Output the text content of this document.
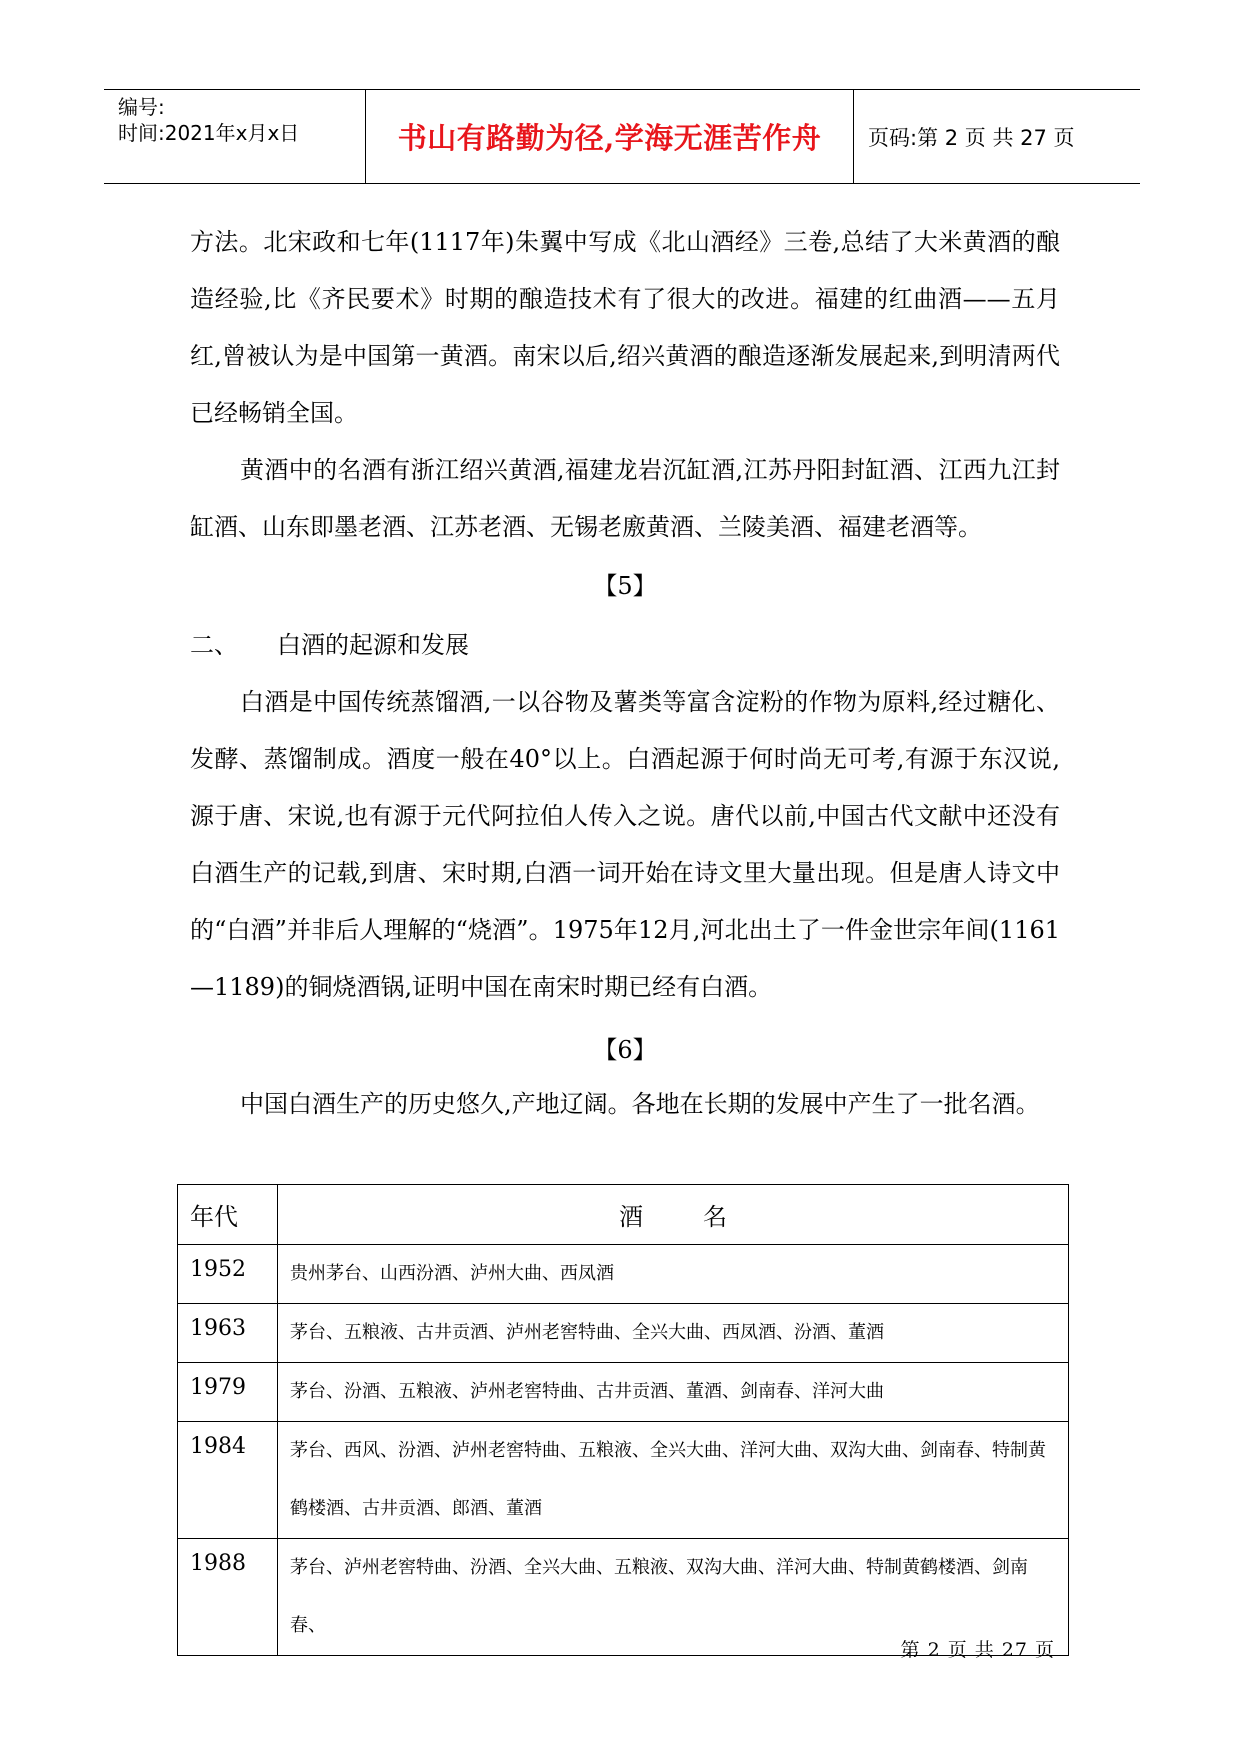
编号:
时间:2021年x月x日	书山有路勤为径,学海无涯苦作舟	页码:第 2 页 共 27 页

方法。北宋政和七年(1117年)朱翼中写成《北山酒经》三卷,总结了大米黄酒的酿造经验,比《齐民要术》时期的酿造技术有了很大的改进。福建的红曲酒——五月红,曾被认为是中国第一黄酒。南宋以后,绍兴黄酒的酿造逐渐发展起来,到明清两代已经畅销全国。

黄酒中的名酒有浙江绍兴黄酒,福建龙岩沉缸酒,江苏丹阳封缸酒、江西九江封缸酒、山东即墨老酒、江苏老酒、无锡老廒黄酒、兰陵美酒、福建老酒等。

【5】
二、	白酒的起源和发展

白酒是中国传统蒸馏酒,一以谷物及薯类等富含淀粉的作物为原料,经过糖化、发酵、蒸馏制成。酒度一般在40°以上。白酒起源于何时尚无可考,有源于东汉说,源于唐、宋说,也有源于元代阿拉伯人传入之说。唐代以前,中国古代文献中还没有白酒生产的记载,到唐、宋时期,白酒一词开始在诗文里大量出现。但是唐人诗文中的“白酒”并非后人理解的“烧酒”。1975年12月,河北出土了一件金世宗年间(1161—1189)的铜烧酒锅,证明中国在南宋时期已经有白酒。

【6】

中国白酒生产的历史悠久,产地辽阔。各地在长期的发展中产生了一批名酒。

年代	酒名
1952	贵州茅台、山西汾酒、泸州大曲、西凤酒
1963	茅台、五粮液、古井贡酒、泸州老窖特曲、全兴大曲、西凤酒、汾酒、董酒
1979	茅台、汾酒、五粮液、泸州老窖特曲、古井贡酒、董酒、剑南春、洋河大曲
1984	茅台、西风、汾酒、泸州老窖特曲、五粮液、全兴大曲、洋河大曲、双沟大曲、剑南春、特制黄鹤楼酒、古井贡酒、郎酒、董酒
1988	茅台、泸州老窖特曲、汾酒、全兴大曲、五粮液、双沟大曲、洋河大曲、特制黄鹤楼酒、剑南春、
第 2 页 共 27 页
